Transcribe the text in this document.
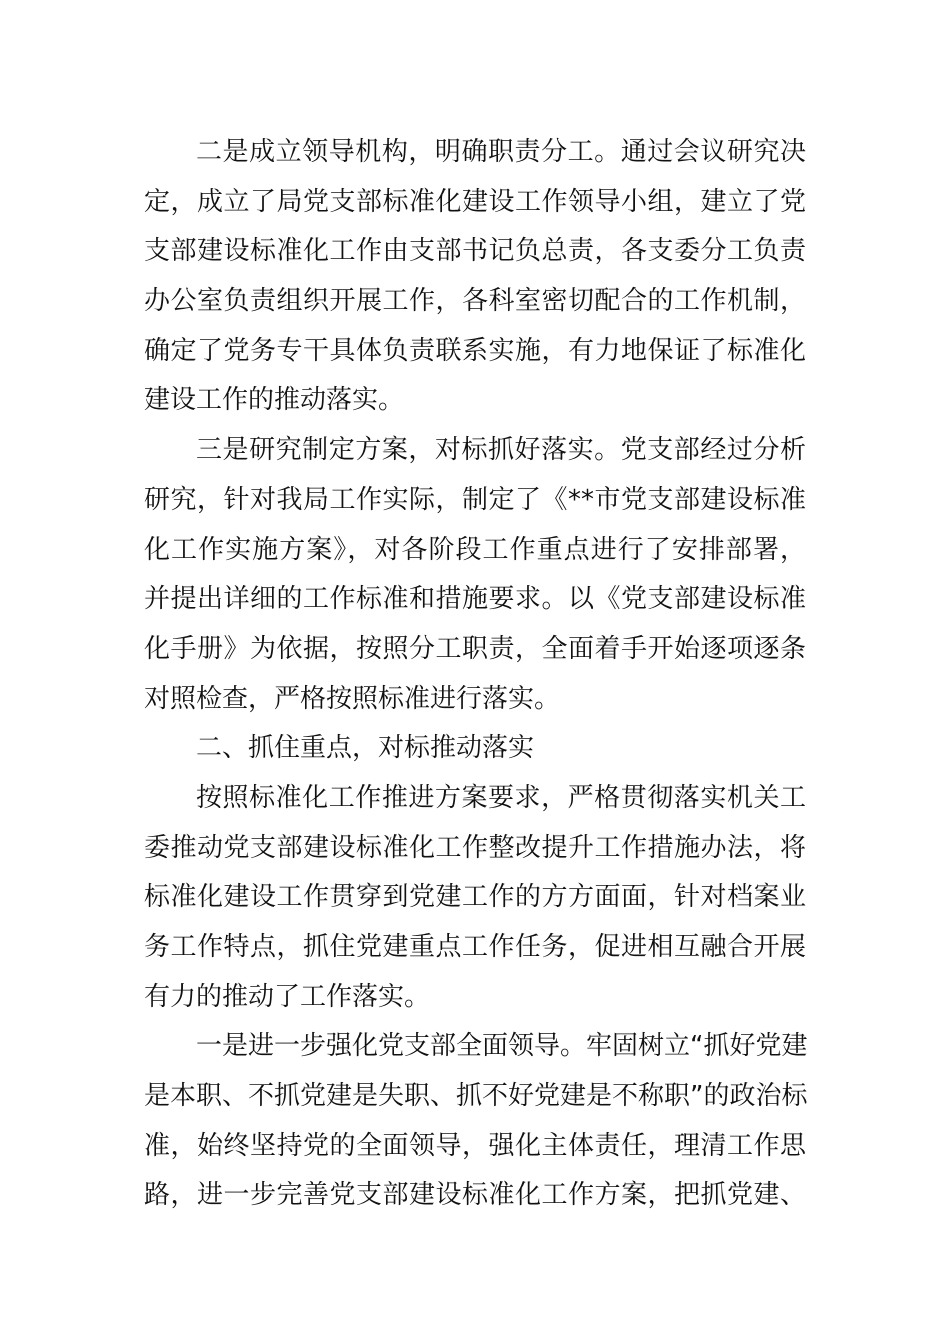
二是成立领导机构，明确职责分工。通过会议研究决
定，成立了局党支部标准化建设工作领导小组，建立了党
支部建设标准化工作由支部书记负总责，各支委分工负责
办公室负责组织开展工作，各科室密切配合的工作机制，
确定了党务专干具体负责联系实施，有力地保证了标准化
建设工作的推动落实。
三是研究制定方案，对标抓好落实。党支部经过分析
研究，针对我局工作实际，制定了《**市党支部建设标准
化工作实施方案》，对各阶段工作重点进行了安排部署，
并提出详细的工作标准和措施要求。以《党支部建设标准
化手册》为依据，按照分工职责，全面着手开始逐项逐条
对照检查，严格按照标准进行落实。
二、抓住重点，对标推动落实
按照标准化工作推进方案要求，严格贯彻落实机关工
委推动党支部建设标准化工作整改提升工作措施办法，将
标准化建设工作贯穿到党建工作的方方面面，针对档案业
务工作特点，抓住党建重点工作任务，促进相互融合开展
有力的推动了工作落实。
一是进一步强化党支部全面领导。牢固树立“抓好党建
是本职、不抓党建是失职、抓不好党建是不称职”的政治标
准，始终坚持党的全面领导，强化主体责任，理清工作思
路，进一步完善党支部建设标准化工作方案，把抓党建、
